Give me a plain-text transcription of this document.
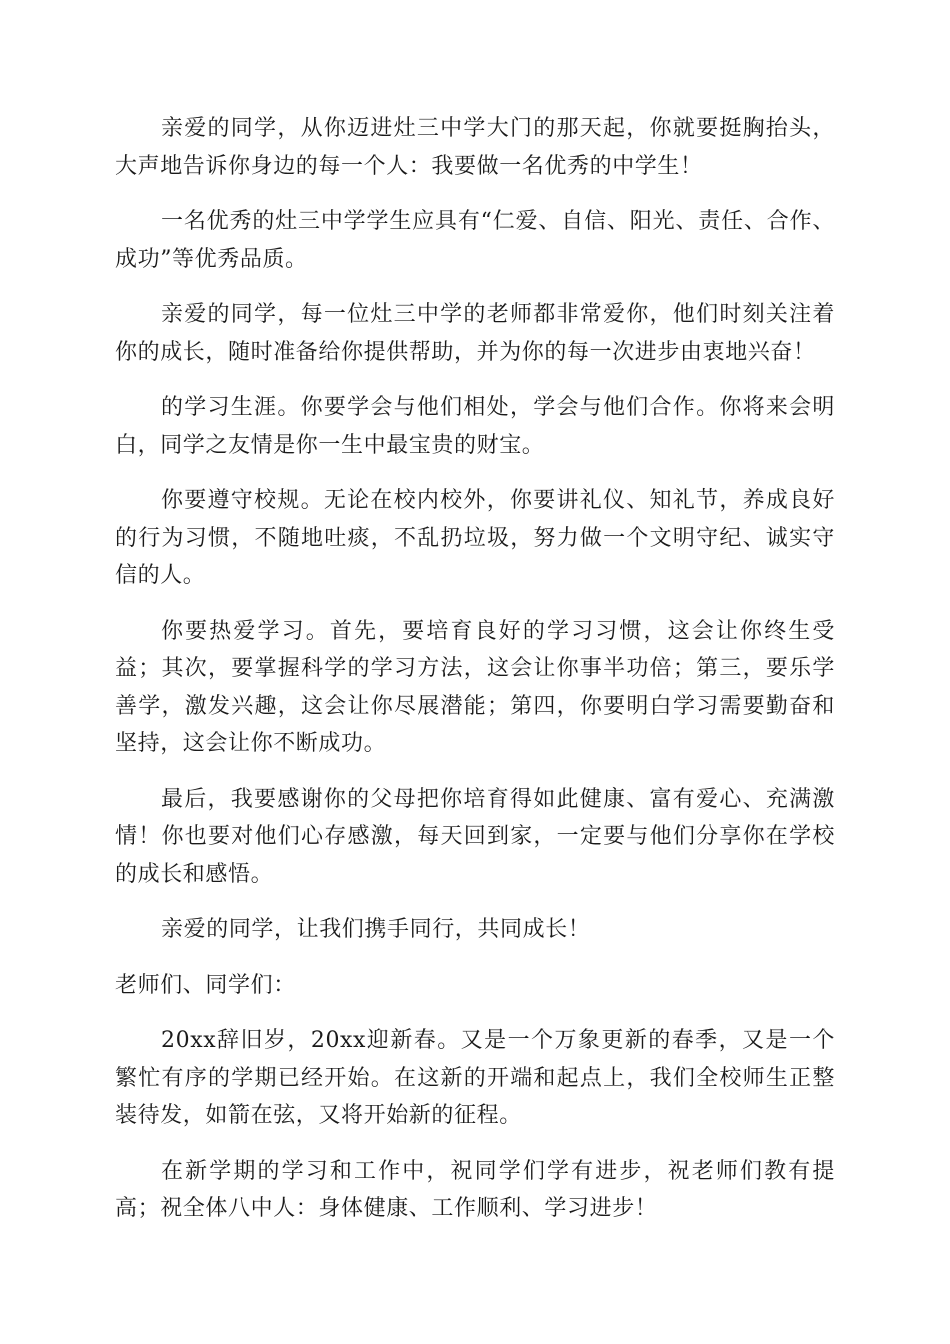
亲爱的同学，从你迈进灶三中学大门的那天起，你就要挺胸抬头，大声地告诉你身边的每一个人：我要做一名优秀的中学生！

一名优秀的灶三中学学生应具有“仁爱、自信、阳光、责任、合作、成功”等优秀品质。

亲爱的同学，每一位灶三中学的老师都非常爱你，他们时刻关注着你的成长，随时准备给你提供帮助，并为你的每一次进步由衷地兴奋！

的学习生涯。你要学会与他们相处，学会与他们合作。你将来会明白，同学之友情是你一生中最宝贵的财宝。

你要遵守校规。无论在校内校外，你要讲礼仪、知礼节，养成良好的行为习惯，不随地吐痰，不乱扔垃圾，努力做一个文明守纪、诚实守信的人。

你要热爱学习。首先，要培育良好的学习习惯，这会让你终生受益；其次，要掌握科学的学习方法，这会让你事半功倍；第三，要乐学善学，激发兴趣，这会让你尽展潜能；第四，你要明白学习需要勤奋和坚持，这会让你不断成功。

最后，我要感谢你的父母把你培育得如此健康、富有爱心、充满激情！你也要对他们心存感激，每天回到家，一定要与他们分享你在学校的成长和感悟。

亲爱的同学，让我们携手同行，共同成长！

老师们、同学们：

20xx辞旧岁，20xx迎新春。又是一个万象更新的春季，又是一个繁忙有序的学期已经开始。在这新的开端和起点上，我们全校师生正整装待发，如箭在弦，又将开始新的征程。

在新学期的学习和工作中，祝同学们学有进步，祝老师们教有提高；祝全体八中人：身体健康、工作顺利、学习进步！
